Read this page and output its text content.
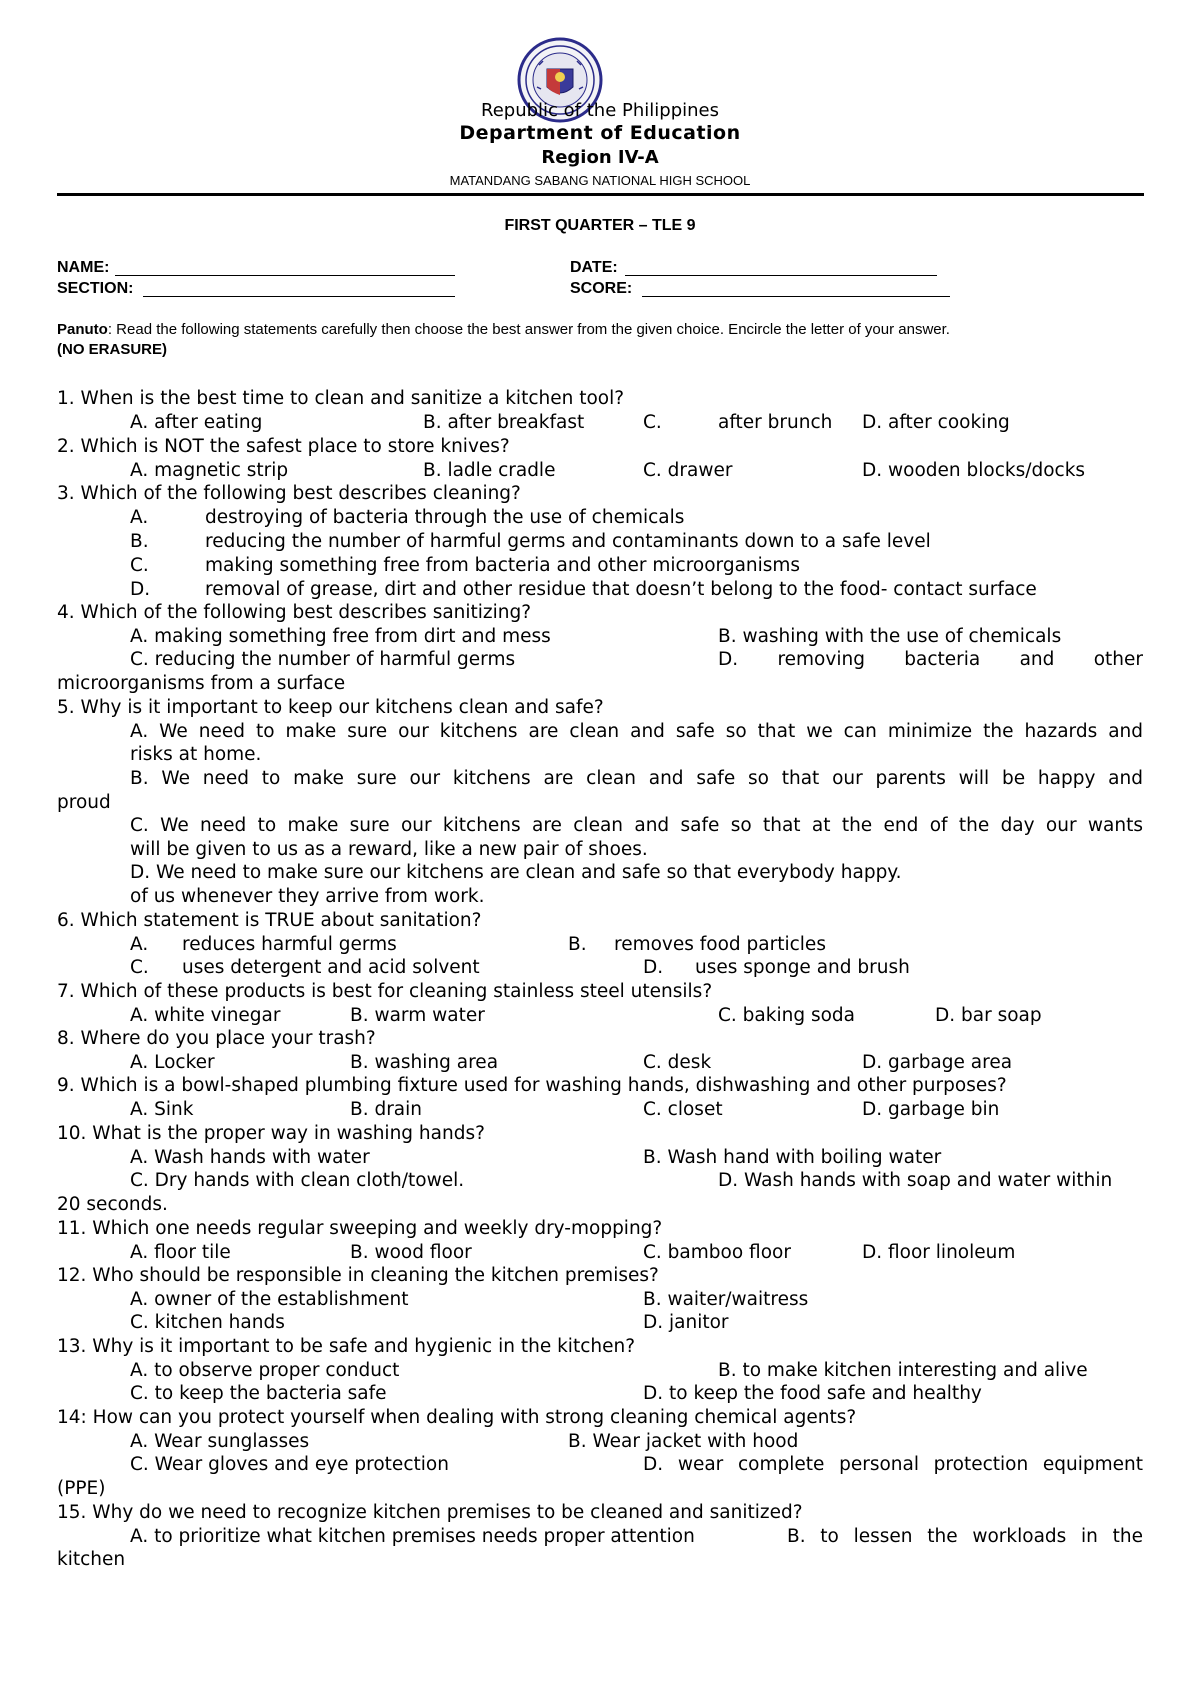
Republic of the Philippines
Department of Education
Region IV-A
MATANDANG SABANG NATIONAL HIGH SCHOOL
FIRST QUARTER – TLE 9
NAME:	DATE:
SECTION:	SCORE:
Panuto: Read the following statements carefully then choose the best answer from the given choice. Encircle the letter of your answer.
(NO ERASURE)
1. When is the best time to clean and sanitize a kitchen tool?
A. after eating	B. after breakfast	C.	after brunch D. after cooking
2. Which is NOT the safest place to store knives?
A. magnetic strip	B. ladle cradle	C. drawer	D. wooden blocks/docks
3. Which of the following best describes cleaning?
A.	destroying of bacteria through the use of chemicals
B.	reducing the number of harmful germs and contaminants down to a safe level
C.	making something free from bacteria and other microorganisms
D.	removal of grease, dirt and other residue that doesn’t belong to the food- contact surface
4. Which of the following best describes sanitizing?
A. making something free from dirt and mess	B. washing with the use of chemicals
C. reducing the number of harmful germs	D. removing bacteria and other
microorganisms from a surface
5. Why is it important to keep our kitchens clean and safe?
A. We need to make sure our kitchens are clean and safe so that we can minimize the hazards and
risks at home.
B. We need to make sure our kitchens are clean and safe so that our parents will be happy and
proud
C. We need to make sure our kitchens are clean and safe so that at the end of the day our wants
will be given to us as a reward, like a new pair of shoes.
D. We need to make sure our kitchens are clean and safe so that everybody happy.
of us whenever they arrive from work.
6. Which statement is TRUE about sanitation?
A. reduces harmful germs	B. removes food particles
C. uses detergent and acid solvent	D. uses sponge and brush
7. Which of these products is best for cleaning stainless steel utensils?
A. white vinegar	B. warm water	C. baking soda	D. bar soap
8. Where do you place your trash?
A. Locker	B. washing area	C. desk	D. garbage area
9. Which is a bowl-shaped plumbing fixture used for washing hands, dishwashing and other purposes?
A. Sink	B. drain	C. closet	D. garbage bin
10. What is the proper way in washing hands?
A. Wash hands with water	B. Wash hand with boiling water
C. Dry hands with clean cloth/towel.	D. Wash hands with soap and water within
20 seconds.
11. Which one needs regular sweeping and weekly dry-mopping?
A. floor tile	B. wood floor	C. bamboo floor	D. floor linoleum
12. Who should be responsible in cleaning the kitchen premises?
A. owner of the establishment	B. waiter/waitress
C. kitchen hands	D. janitor
13. Why is it important to be safe and hygienic in the kitchen?
A. to observe proper conduct	B. to make kitchen interesting and alive
C. to keep the bacteria safe	D. to keep the food safe and healthy
14: How can you protect yourself when dealing with strong cleaning chemical agents?
A. Wear sunglasses	B. Wear jacket with hood
C. Wear gloves and eye protection	D. wear complete personal protection equipment
(PPE)
15. Why do we need to recognize kitchen premises to be cleaned and sanitized?
A. to prioritize what kitchen premises needs proper attention	B. to lessen the workloads in the
kitchen
